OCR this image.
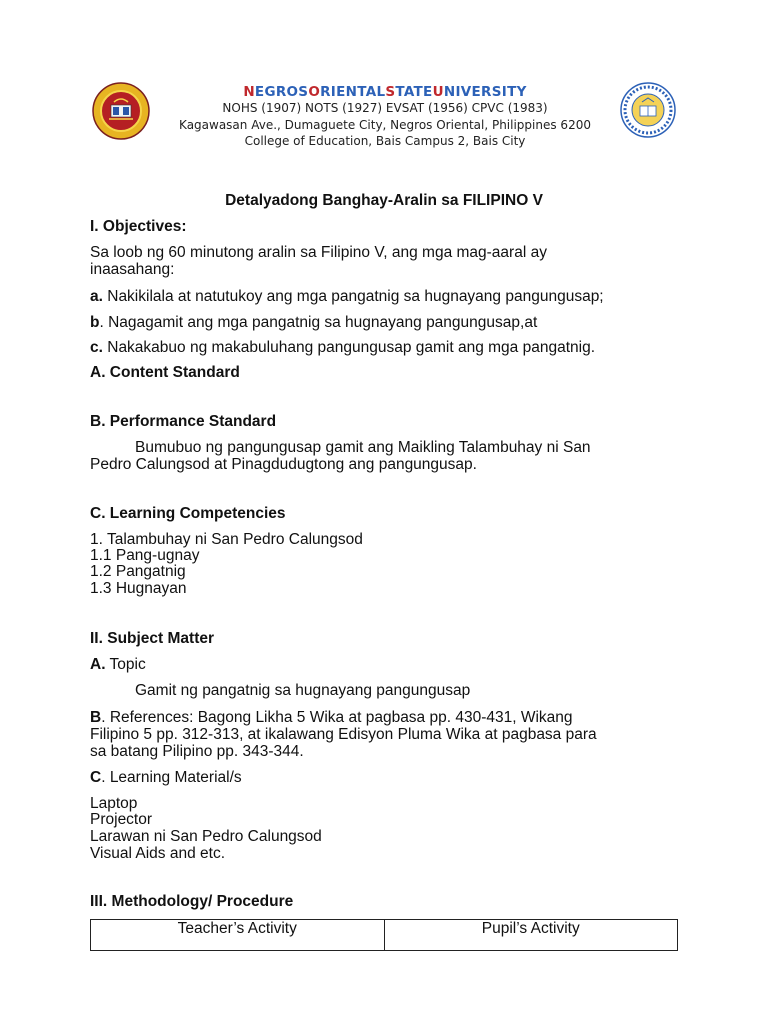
NEGROSORIENTALSTATEUNIVERSITY
NOHS (1907) NOTS (1927) EVSAT (1956) CPVC (1983)
Kagawasan Ave., Dumaguete City, Negros Oriental, Philippines 6200
College of Education, Bais Campus 2, Bais City
Detalyadong Banghay-Aralin sa FILIPINO V
I. Objectives:
Sa loob ng 60 minutong aralin sa Filipino V, ang mga mag-aaral ay
inaasahang:
a. Nakikilala at natutukoy ang mga pangatnig sa hugnayang pangungusap;
b. Nagagamit ang mga pangatnig sa hugnayang pangungusap,at
c. Nakakabuo ng makabuluhang pangungusap gamit ang mga pangatnig.
A. Content Standard
B. Performance Standard
Bumubuo ng pangungusap gamit ang Maikling Talambuhay ni San
Pedro Calungsod at Pinagdudugtong ang pangungusap.
C. Learning Competencies
1. Talambuhay ni San Pedro Calungsod
1.1 Pang-ugnay
1.2 Pangatnig
1.3 Hugnayan
II. Subject Matter
A. Topic
Gamit ng pangatnig sa hugnayang pangungusap
B. References: Bagong Likha 5 Wika at pagbasa pp. 430-431, Wikang
Filipino 5 pp. 312-313, at ikalawang Edisyon Pluma Wika at pagbasa para
sa batang Pilipino pp. 343-344.
C. Learning Material/s
Laptop
Projector
Larawan ni San Pedro Calungsod
Visual Aids and etc.
III. Methodology/ Procedure
Teacher’s Activity	Pupil’s Activity
